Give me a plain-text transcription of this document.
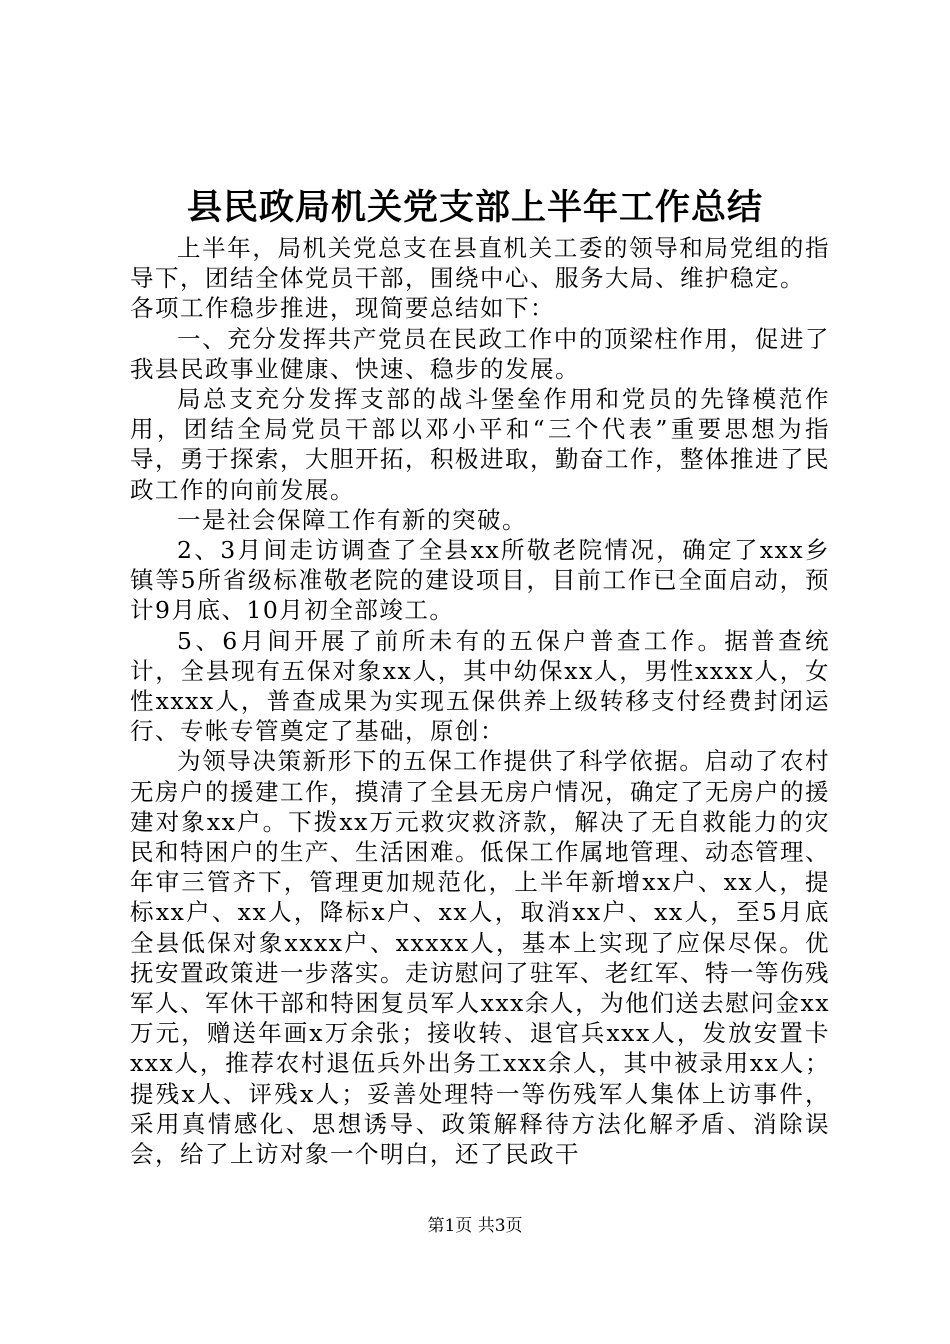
县民政局机关党支部上半年工作总结

上半年，局机关党总支在县直机关工委的领导和局党组的指导下，团结全体党员干部，围绕中心、服务大局、维护稳定。

各项工作稳步推进，现简要总结如下：

一、充分发挥共产党员在民政工作中的顶梁柱作用，促进了我县民政事业健康、快速、稳步的发展。

局总支充分发挥支部的战斗堡垒作用和党员的先锋模范作用，团结全局党员干部以邓小平和“三个代表”重要思想为指导，勇于探索，大胆开拓，积极进取，勤奋工作，整体推进了民政工作的向前发展。

一是社会保障工作有新的突破。

2、3月间走访调查了全县xx所敬老院情况，确定了xxx乡镇等5所省级标准敬老院的建设项目，目前工作已全面启动，预计9月底、10月初全部竣工。

5、6月间开展了前所未有的五保户普查工作。据普查统计，全县现有五保对象xx人，其中幼保xx人，男性xxxx人，女性xxxx人，普查成果为实现五保供养上级转移支付经费封闭运行、专帐专管奠定了基础，原创：

为领导决策新形下的五保工作提供了科学依据。启动了农村无房户的援建工作，摸清了全县无房户情况，确定了无房户的援建对象xx户。下拨xx万元救灾救济款，解决了无自救能力的灾民和特困户的生产、生活困难。低保工作属地管理、动态管理、年审三管齐下，管理更加规范化，上半年新增xx户、xx人，提标xx户、xx人，降标x户、xx人，取消xx户、xx人，至5月底全县低保对象xxxx户、xxxxx人，基本上实现了应保尽保。优抚安置政策进一步落实。走访慰问了驻军、老红军、特一等伤残军人、军休干部和特困复员军人xxx余人，为他们送去慰问金xx万元，赠送年画x万余张；接收转、退官兵xxx人，发放安置卡xxx人，推荐农村退伍兵外出务工xxx余人，其中被录用xx人；提残x人、评残x人；妥善处理特一等伤残军人集体上访事件，采用真情感化、思想诱导、政策解释待方法化解矛盾、消除误会，给了上访对象一个明白，还了民政干

第1页 共3页
